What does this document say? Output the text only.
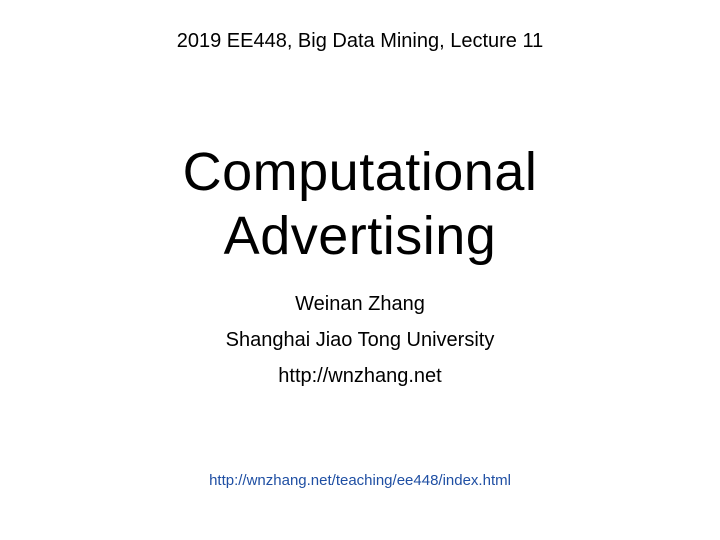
2019 EE448, Big Data Mining, Lecture 11
Computational
Advertising
Weinan Zhang
Shanghai Jiao Tong University
http://wnzhang.net
http://wnzhang.net/teaching/ee448/index.html
